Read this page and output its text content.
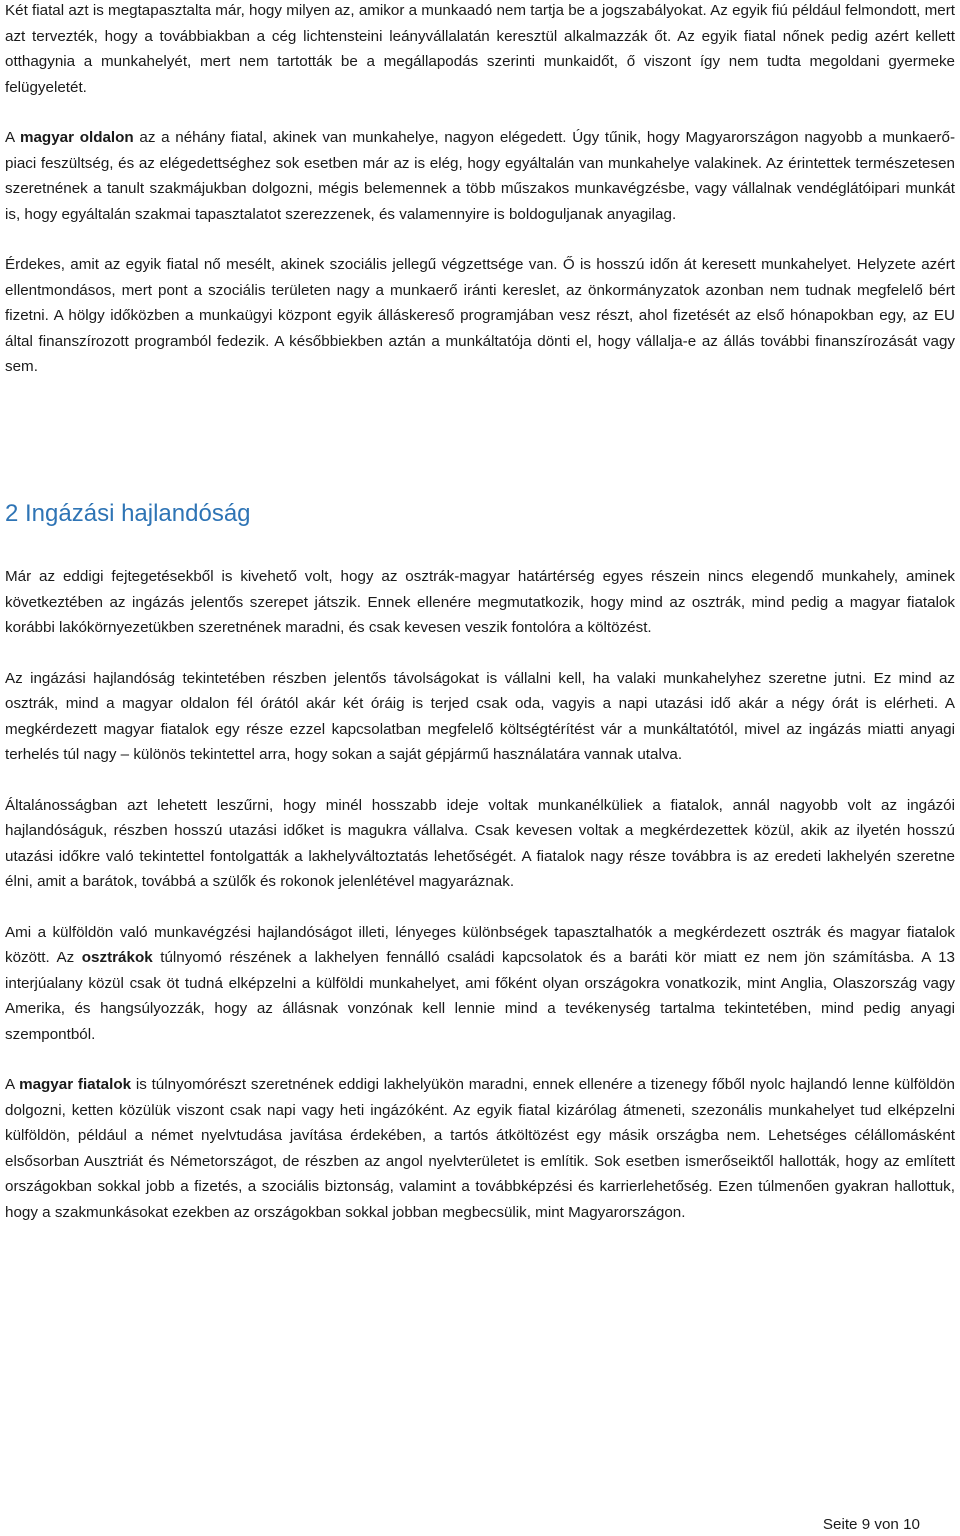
Két fiatal azt is megtapasztalta már, hogy milyen az, amikor a munkaadó nem tartja be a jogszabályokat. Az egyik fiú például felmondott, mert azt tervezték, hogy a továbbiakban a cég lichtensteini leányvállalatán keresztül alkalmazzák őt. Az egyik fiatal nőnek pedig azért kellett otthagynia a munkahelyét, mert nem tartották be a megállapodás szerinti munkaidőt, ő viszont így nem tudta megoldani gyermeke felügyeletét.

A magyar oldalon az a néhány fiatal, akinek van munkahelye, nagyon elégedett. Úgy tűnik, hogy Magyarországon nagyobb a munkaerő-piaci feszültség, és az elégedettséghez sok esetben már az is elég, hogy egyáltalán van munkahelye valakinek. Az érintettek természetesen szeretnének a tanult szakmájukban dolgozni, mégis belemennek a több műszakos munkavégzésbe, vagy vállalnak vendéglátóipari munkát is, hogy egyáltalán szakmai tapasztalatot szerezzenek, és valamennyire is boldoguljanak anyagilag.

Érdekes, amit az egyik fiatal nő mesélt, akinek szociális jellegű végzettsége van. Ő is hosszú időn át keresett munkahelyet. Helyzete azért ellentmondásos, mert pont a szociális területen nagy a munkaerő iránti kereslet, az önkormányzatok azonban nem tudnak megfelelő bért fizetni. A hölgy időközben a munkaügyi központ egyik álláskereső programjában vesz részt, ahol fizetését az első hónapokban egy, az EU által finanszírozott programból fedezik. A későbbiekben aztán a munkáltatója dönti el, hogy vállalja-e az állás további finanszírozását vagy sem.

2 Ingázási hajlandóság

Már az eddigi fejtegetésekből is kivehető volt, hogy az osztrák-magyar határtérség egyes részein nincs elegendő munkahely, aminek következtében az ingázás jelentős szerepet játszik. Ennek ellenére megmutatkozik, hogy mind az osztrák, mind pedig a magyar fiatalok korábbi lakókörnyezetükben szeretnének maradni, és csak kevesen veszik fontolóra a költözést.

Az ingázási hajlandóság tekintetében részben jelentős távolságokat is vállalni kell, ha valaki munkahelyhez szeretne jutni. Ez mind az osztrák, mind a magyar oldalon fél órától akár két óráig is terjed csak oda, vagyis a napi utazási idő akár a négy órát is elérheti. A megkérdezett magyar fiatalok egy része ezzel kapcsolatban megfelelő költségtérítést vár a munkáltatótól, mivel az ingázás miatti anyagi terhelés túl nagy – különös tekintettel arra, hogy sokan a saját gépjármű használatára vannak utalva.

Általánosságban azt lehetett leszűrni, hogy minél hosszabb ideje voltak munkanélküliek a fiatalok, annál nagyobb volt az ingázói hajlandóságuk, részben hosszú utazási időket is magukra vállalva. Csak kevesen voltak a megkérdezettek közül, akik az ilyetén hosszú utazási időkre való tekintettel fontolgatták a lakhelyváltoztatás lehetőségét. A fiatalok nagy része továbbra is az eredeti lakhelyén szeretne élni, amit a barátok, továbbá a szülők és rokonok jelenlétével magyaráznak.

Ami a külföldön való munkavégzési hajlandóságot illeti, lényeges különbségek tapasztalhatók a megkérdezett osztrák és magyar fiatalok között. Az osztrákok túlnyomó részének a lakhelyen fennálló családi kapcsolatok és a baráti kör miatt ez nem jön számításba. A 13 interjúalany közül csak öt tudná elképzelni a külföldi munkahelyet, ami főként olyan országokra vonatkozik, mint Anglia, Olaszország vagy Amerika, és hangsúlyozzák, hogy az állásnak vonzónak kell lennie mind a tevékenység tartalma tekintetében, mind pedig anyagi szempontból.

A magyar fiatalok is túlnyomórészt szeretnének eddigi lakhelyükön maradni, ennek ellenére a tizenegy főből nyolc hajlandó lenne külföldön dolgozni, ketten közülük viszont csak napi vagy heti ingázóként. Az egyik fiatal kizárólag átmeneti, szezonális munkahelyet tud elképzelni külföldön, például a német nyelvtudása javítása érdekében, a tartós átköltözést egy másik országba nem. Lehetséges célállomásként elsősorban Ausztriát és Németországot, de részben az angol nyelvterületet is említik. Sok esetben ismerőseiktől hallották, hogy az említett országokban sokkal jobb a fizetés, a szociális biztonság, valamint a továbbképzési és karrierlehetőség. Ezen túlmenően gyakran hallottuk, hogy a szakmunkásokat ezekben az országokban sokkal jobban megbecsülik, mint Magyarországon.

Seite 9 von 10
